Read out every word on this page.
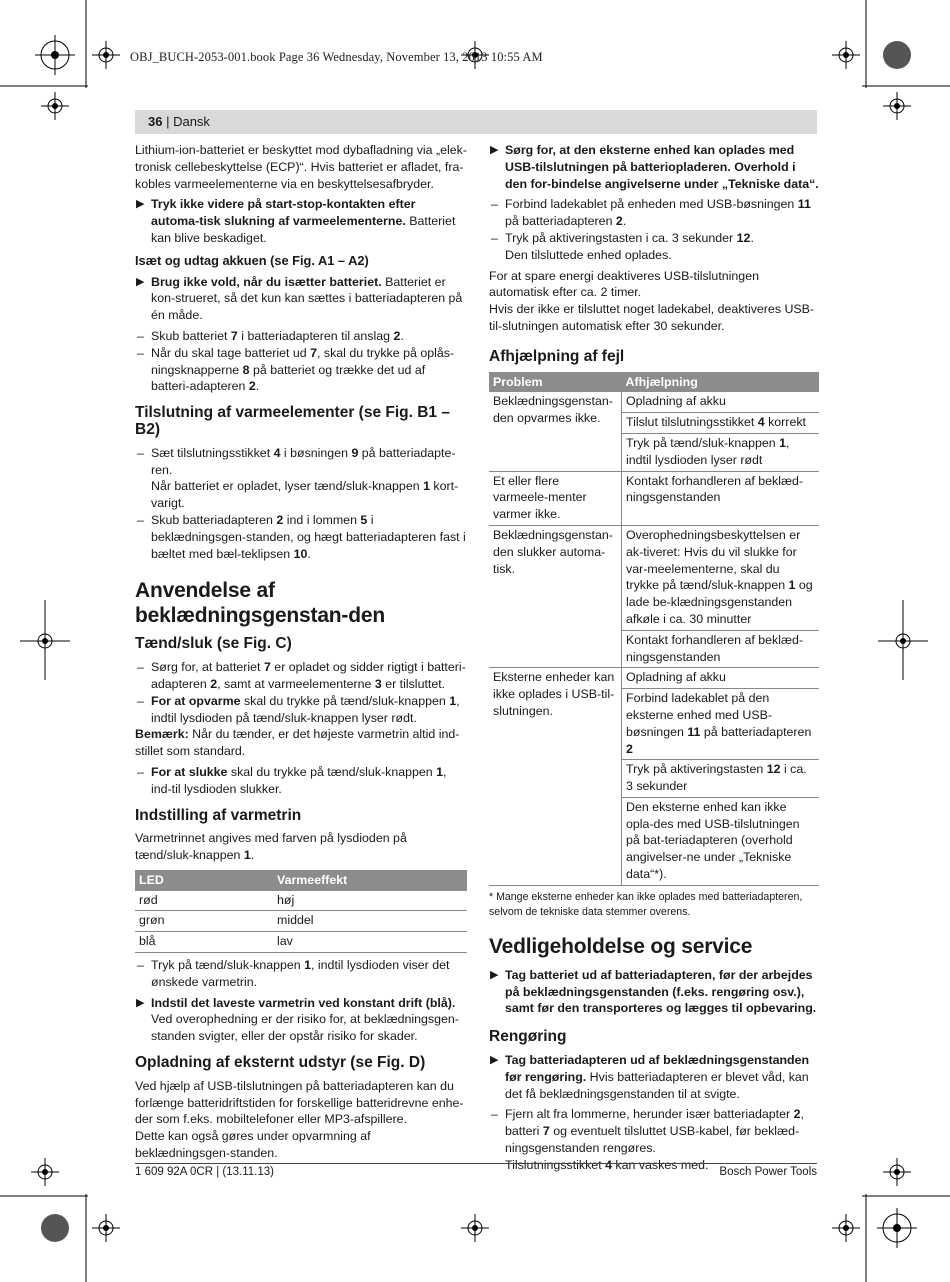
OBJ_BUCH-2053-001.book Page 36 Wednesday, November 13, 2013 10:55 AM
36 | Dansk

Lithium-ion-batteriet er beskyttet mod dybafladning via „elek-tronisk cellebeskyttelse (ECP)“. Hvis batteriet er afladet, fra-kobles varmeelementerne via en beskyttelsesafbryder.

▶ Tryk ikke videre på start-stop-kontakten efter automa-tisk slukning af varmeelementerne. Batteriet kan blive beskadiget.
Isæt og udtag akkuen (se Fig. A1 – A2)
▶ Brug ikke vold, når du isætter batteriet. Batteriet er kon-strueret, så det kun kan sættes i batteriadapteren på én måde.
– Skub batteriet 7 i batteriadapteren til anslag 2.
– Når du skal tage batteriet ud 7, skal du trykke på oplås-ningsknapperne 8 på batteriet og trække det ud af batteri-adapteren 2.
Tilslutning af varmeelementer (se Fig. B1 – B2)
– Sæt tilslutningsstikket 4 i bøsningen 9 på batteriadapte-ren.
Når batteriet er opladet, lyser tænd/sluk-knappen 1 kort-varigt.
– Skub batteriadapteren 2 ind i lommen 5 i beklædningsgen-standen, og hægt batteriadapteren fast i bæltet med bæl-teklipsen 10.
Anvendelse af beklædningsgenstan-den
Tænd/sluk (se Fig. C)
– Sørg for, at batteriet 7 er opladet og sidder rigtigt i batteri-adapteren 2, samt at varmeelementerne 3 er tilsluttet.
– For at opvarme skal du trykke på tænd/sluk-knappen 1, indtil lysdioden på tænd/sluk-knappen lyser rødt.

Bemærk: Når du tænder, er det højeste varmetrin altid ind-stillet som standard.

– For at slukke skal du trykke på tænd/sluk-knappen 1, ind-til lysdioden slukker.
Indstilling af varmetrin

Varmetrinnet angives med farven på lysdioden på tænd/sluk-knappen 1.

LED	Varmeeffekt
rød	høj
grøn	middel
blå	lav
– Tryk på tænd/sluk-knappen 1, indtil lysdioden viser det ønskede varmetrin.
▶ Indstil det laveste varmetrin ved konstant drift (blå). Ved overophedning er der risiko for, at beklædningsgen-standen svigter, eller der opstår risiko for skader.
Opladning af eksternt udstyr (se Fig. D)

Ved hjælp af USB-tilslutningen på batteriadapteren kan du forlænge batteridriftstiden for forskellige batteridrevne enhe-der som f.eks. mobiltelefoner eller MP3-afspillere.

Dette kan også gøres under opvarmning af beklædningsgen-standen.

▶ Sørg for, at den eksterne enhed kan oplades med USB-tilslutningen på batteriopladeren. Overhold i den for-bindelse angivelserne under „Tekniske data“.
– Forbind ladekablet på enheden med USB-bøsningen 11 på batteriadapteren 2.
– Tryk på aktiveringstasten i ca. 3 sekunder 12.
Den tilsluttede enhed oplades.

For at spare energi deaktiveres USB-tilslutningen automatisk efter ca. 2 timer.

Hvis der ikke er tilsluttet noget ladekabel, deaktiveres USB-til-slutningen automatisk efter 30 sekunder.

Afhjælpning af fejl
Problem	Afhjælpning
Beklædningsgenstan-den opvarmes ikke.	Opladning af akku
	Tilslut tilslutningsstikket 4 korrekt
	Tryk på tænd/sluk-knappen 1, indtil lysdioden lyser rødt
Et eller flere varmeele-menter varmer ikke.	Kontakt forhandleren af beklæd-ningsgenstanden
Beklædningsgenstan-den slukker automa-tisk.	Overophedningsbeskyttelsen er ak-tiveret: Hvis du vil slukke for var-meelementerne, skal du trykke på tænd/sluk-knappen 1 og lade be-klædningsgenstanden afkøle i ca. 30 minutter
	Kontakt forhandleren af beklæd-ningsgenstanden
Eksterne enheder kan ikke oplades i USB-til-slutningen.	Opladning af akku
	Forbind ladekablet på den eksterne enhed med USB-bøsningen 11 på batteriadapteren 2
	Tryk på aktiveringstasten 12 i ca. 3 sekunder
	Den eksterne enhed kan ikke opla-des med USB-tilslutningen på bat-teriadapteren (overhold angivelser-ne under „Tekniske data“*).
* Mange eksterne enheder kan ikke oplades med batteriadapteren, selvom de tekniske data stemmer overens.
Vedligeholdelse og service
▶ Tag batteriet ud af batteriadapteren, før der arbejdes på beklædningsgenstanden (f.eks. rengøring osv.), samt før den transporteres og lægges til opbevaring.
Rengøring
▶ Tag batteriadapteren ud af beklædningsgenstanden før rengøring. Hvis batteriadapteren er blevet våd, kan det få beklædningsgenstanden til at svigte.
– Fjern alt fra lommerne, herunder især batteriadapter 2, batteri 7 og eventuelt tilsluttet USB-kabel, før beklæd-ningsgenstanden rengøres.
Tilslutningsstikket 4 kan vaskes med.
1 609 92A 0CR | (13.11.13)	Bosch Power Tools
